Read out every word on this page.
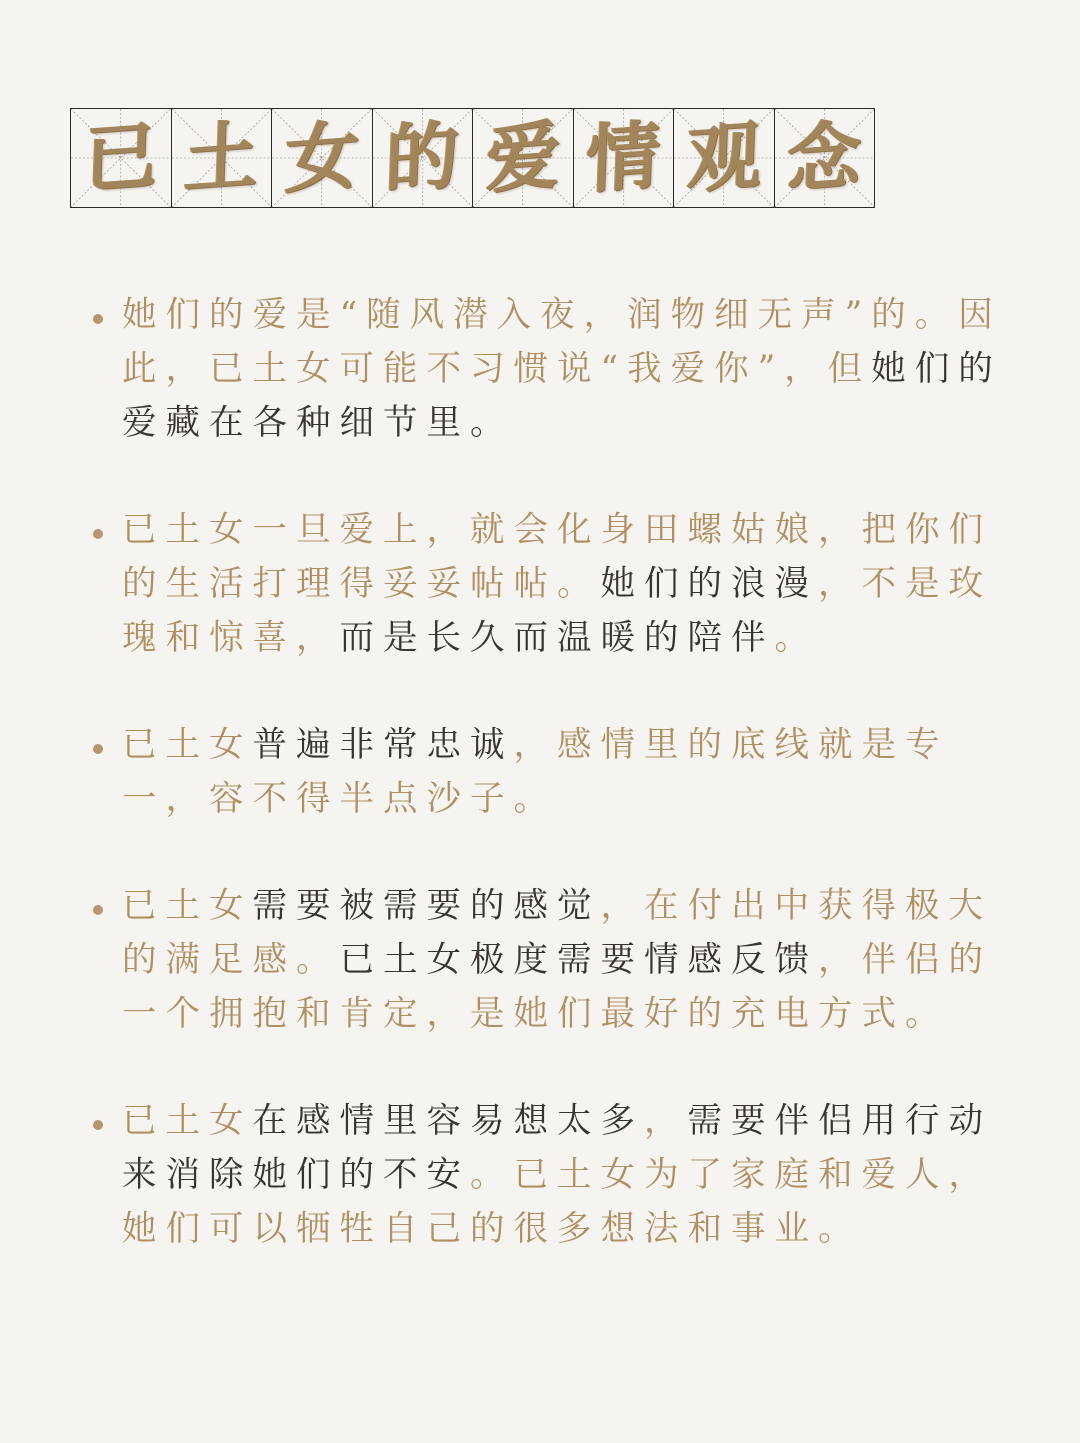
已 土 女 的 爱 情 观 念

她们的爱是“随风潜入夜，润物细无声”的。因此，已土女可能不习惯说“我爱你”，但她们的爱藏在各种细节里。

已土女一旦爱上，就会化身田螺姑娘，把你们的生活打理得妥妥帖帖。她们的浪漫，不是玫瑰和惊喜，而是长久而温暖的陪伴。

已土女普遍非常忠诚，感情里的底线就是专一，容不得半点沙子。

已土女需要被需要的感觉，在付出中获得极大的满足感。已土女极度需要情感反馈，伴侣的一个拥抱和肯定，是她们最好的充电方式。

已土女在感情里容易想太多，需要伴侣用行动来消除她们的不安。已土女为了家庭和爱人，她们可以牺牲自己的很多想法和事业。
